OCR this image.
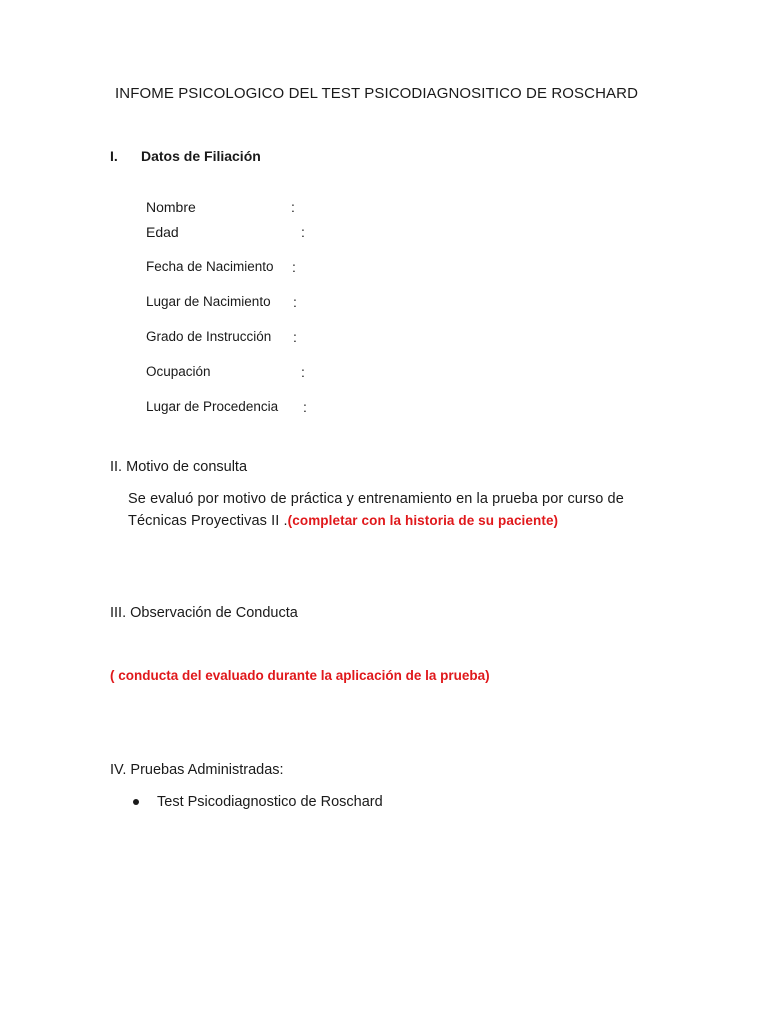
INFOME PSICOLOGICO DEL TEST PSICODIAGNOSITICO DE ROSCHARD
I. Datos de Filiación
Nombre	:
Edad	:
Fecha de Nacimiento :
Lugar de Nacimiento :
Grado de Instrucción :
Ocupación	:
Lugar de Procedencia :
II. Motivo de consulta
Se evaluó por motivo de práctica y entrenamiento en la prueba por curso de
Técnicas Proyectivas II .(completar con la historia de su paciente)
III. Observación de Conducta
( conducta del evaluado durante la aplicación de la prueba)
IV. Pruebas Administradas:
Test Psicodiagnostico de Roschard
